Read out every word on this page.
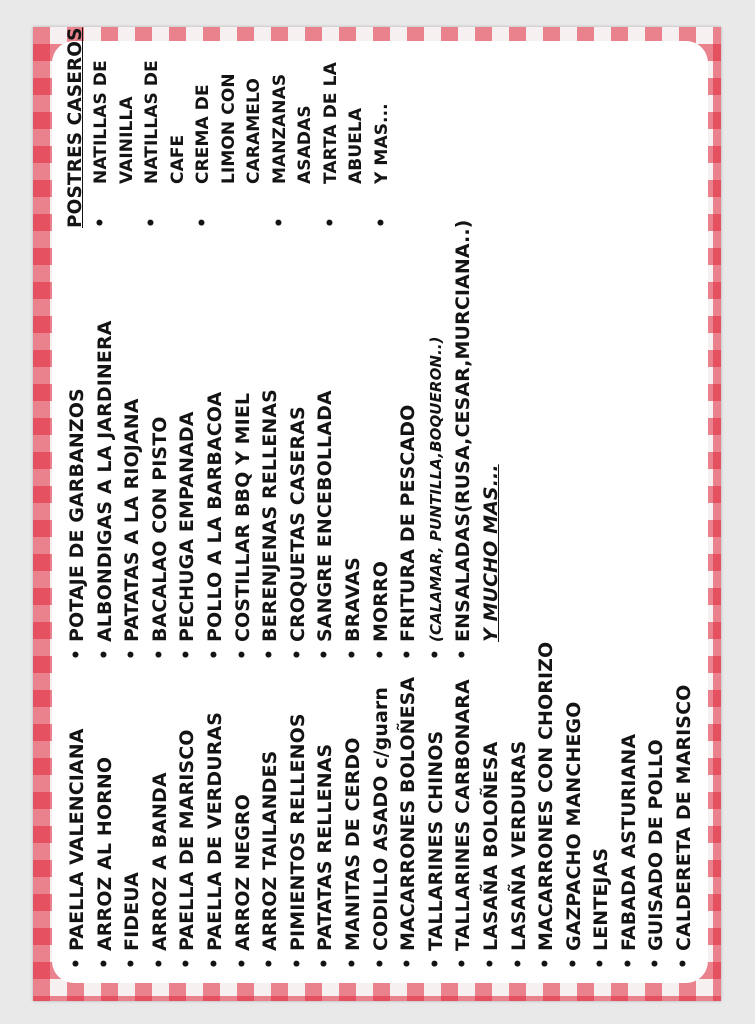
• PAELLA VALENCIANA • ARROZ AL HORNO • FIDEUA • ARROZ A BANDA • PAELLA DE MARISCO • PAELLA DE VERDURAS • ARROZ NEGRO • ARROZ TAILANDES • PIMIENTOS RELLENOS • PATATAS RELLENAS • MANITAS DE CERDO • CODILLO ASADO c/guarn • MACARRONES BOLOÑESA • TALLARINES CHINOS • TALLARINES CARBONARA • LASAÑA BOLOÑESA • LASAÑA VERDURAS • MACARRONES CON CHORIZO • GAZPACHO MANCHEGO • LENTEJAS • FABADA ASTURIANA • GUISADO DE POLLO • CALDERETA DE MARISCO
• POTAJE DE GARBANZOS • ALBONDIGAS A LA JARDINERA • PATATAS A LA RIOJANA • BACALAO CON PISTO • PECHUGA EMPANADA • POLLO A LA BARBACOA • COSTILLAR BBQ Y MIEL • BERENJENAS RELLENAS • CROQUETAS CASERAS • SANGRE ENCEBOLLADA • BRAVAS • MORRO • FRITURA DE PESCADO • (CALAMAR, PUNTILLA,BOQUERON..) • ENSALADAS(RUSA,CESAR,MURCIANA..) Y MUCHO MAS...
POSTRES CASEROS • NATILLAS DE VAINILLA • NATILLAS DE CAFE • CREMA DE LIMON CON CARAMELO • MANZANAS ASADAS • TARTA DE LA ABUELA • Y MAS...
